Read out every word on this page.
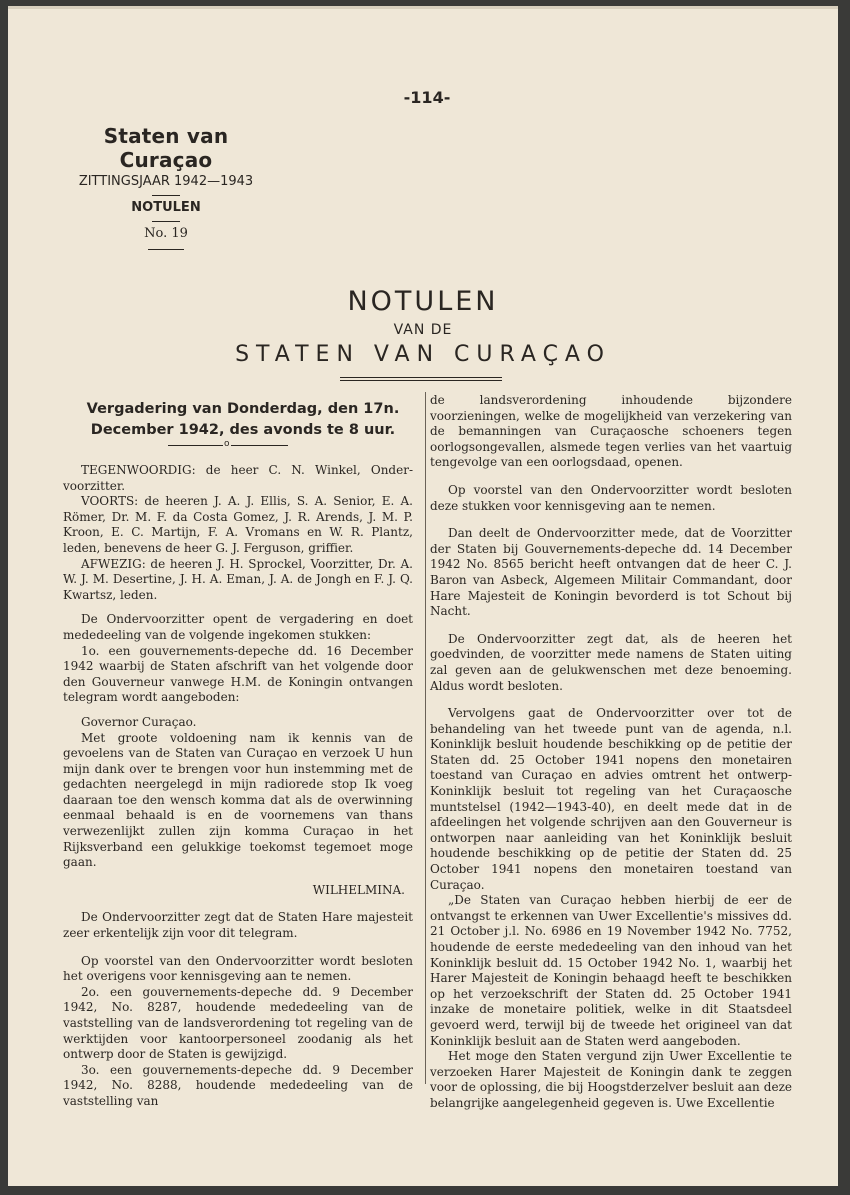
-114-
Staten van Curaçao
ZITTINGSJAAR 1942—1943
NOTULEN
No. 19
NOTULEN
VAN DE
STATEN VAN CURAÇAO
Vergadering van Donderdag, den 17n.
December 1942, des avonds te 8 uur.
o

TEGENWOORDIG: de heer C. N. Winkel, Onder-voorzitter.

VOORTS: de heeren J. A. J. Ellis, S. A. Senior, E. A. Römer, Dr. M. F. da Costa Gomez, J. R. Arends, J. M. P. Kroon, E. C. Martijn, F. A. Vromans en W. R. Plantz, leden, benevens de heer G. J. Ferguson, griffier.

AFWEZIG: de heeren J. H. Sprockel, Voorzitter, Dr. A. W. J. M. Desertine, J. H. A. Eman, J. A. de Jongh en F. J. Q. Kwartsz, leden.

De Ondervoorzitter opent de vergadering en doet mededeeling van de volgende ingekomen stukken:

1o. een gouvernements-depeche dd. 16 December 1942 waarbij de Staten afschrift van het volgende door den Gouverneur vanwege H.M. de Koningin ontvangen telegram wordt aangeboden:

Governor Curaçao.

Met groote voldoening nam ik kennis van de gevoelens van de Staten van Curaçao en verzoek U hun mijn dank over te brengen voor hun instemming met de gedachten neergelegd in mijn radiorede stop Ik voeg daaraan toe den wensch komma dat als de overwinning eenmaal behaald is en de voornemens van thans verwezenlijkt zullen zijn komma Curaçao in het Rijksverband een gelukkige toekomst tegemoet moge gaan.

WILHELMINA.

De Ondervoorzitter zegt dat de Staten Hare majesteit zeer erkentelijk zijn voor dit telegram.

Op voorstel van den Ondervoorzitter wordt besloten het overigens voor kennisgeving aan te nemen.

2o. een gouvernements-depeche dd. 9 December 1942, No. 8287, houdende mededeeling van de vaststelling van de landsverordening tot regeling van de werktijden voor kantoorpersoneel zoodanig als het ontwerp door de Staten is gewijzigd.

3o. een gouvernements-depeche dd. 9 December 1942, No. 8288, houdende mededeeling van de vaststelling van

de landsverordening inhoudende bijzondere voorzieningen, welke de mogelijkheid van verzekering van de bemanningen van Curaçaosche schoeners tegen oorlogsongevallen, alsmede tegen verlies van het vaartuig tengevolge van een oorlogsdaad, openen.

Op voorstel van den Ondervoorzitter wordt besloten deze stukken voor kennisgeving aan te nemen.

Dan deelt de Ondervoorzitter mede, dat de Voorzitter der Staten bij Gouvernements-depeche dd. 14 December 1942 No. 8565 bericht heeft ontvangen dat de heer C. J. Baron van Asbeck, Algemeen Militair Commandant, door Hare Majesteit de Koningin bevorderd is tot Schout bij Nacht.

De Ondervoorzitter zegt dat, als de heeren het goedvinden, de voorzitter mede namens de Staten uiting zal geven aan de gelukwenschen met deze benoeming. Aldus wordt besloten.

Vervolgens gaat de Ondervoorzitter over tot de behandeling van het tweede punt van de agenda, n.l. Koninklijk besluit houdende beschikking op de petitie der Staten dd. 25 October 1941 nopens den monetairen toestand van Curaçao en advies omtrent het ontwerp-Koninklijk besluit tot regeling van het Curaçaosche muntstelsel (1942—1943-40), en deelt mede dat in de afdeelingen het volgende schrijven aan den Gouverneur is ontworpen naar aanleiding van het Koninklijk besluit houdende beschikking op de petitie der Staten dd. 25 October 1941 nopens den monetairen toestand van Curaçao.

„De Staten van Curaçao hebben hierbij de eer de ontvangst te erkennen van Uwer Excellentie's missives dd. 21 October j.l. No. 6986 en 19 November 1942 No. 7752, houdende de eerste mededeeling van den inhoud van het Koninklijk besluit dd. 15 October 1942 No. 1, waarbij het Harer Majesteit de Koningin behaagd heeft te beschikken op het verzoekschrift der Staten dd. 25 October 1941 inzake de monetaire politiek, welke in dit Staatsdeel gevoerd werd, terwijl bij de tweede het origineel van dat Koninklijk besluit aan de Staten werd aangeboden.

Het moge den Staten vergund zijn Uwer Excellentie te verzoeken Harer Majesteit de Koningin dank te zeggen voor de oplossing, die bij Hoogstderzelver besluit aan deze belangrijke aangelegenheid gegeven is. Uwe Excellentie
